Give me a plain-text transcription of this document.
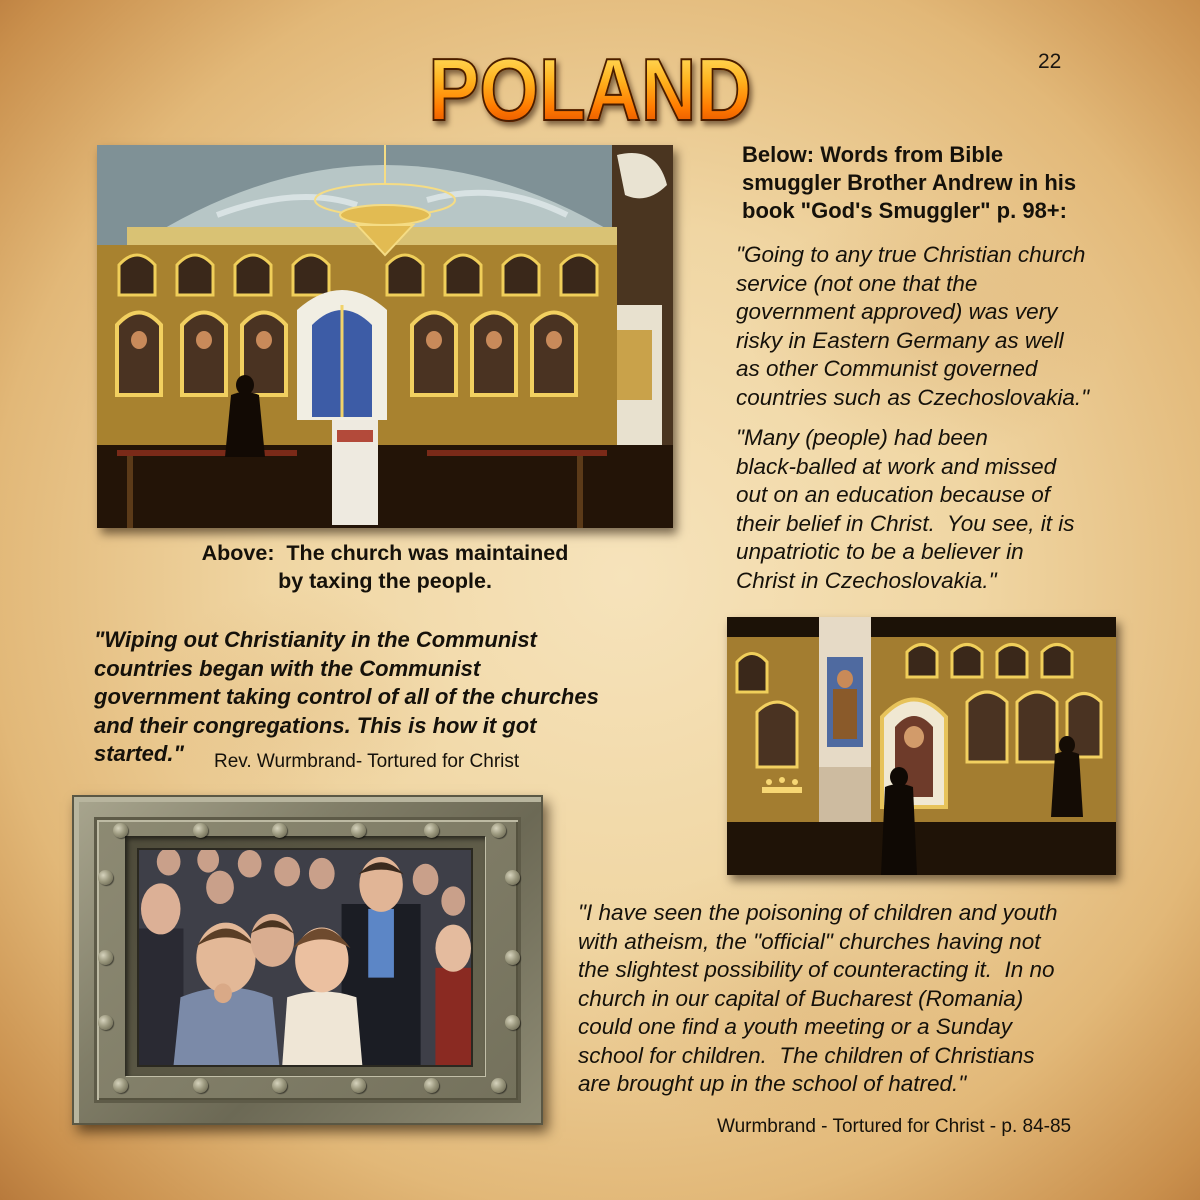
POLAND	22
Above:  The church was maintained
by taxing the people.
Below: Words from Bible
smuggler Brother Andrew in his
book "God's Smuggler" p. 98+:
"Going to any true Christian church
service (not one that the
government approved) was very
risky in Eastern Germany as well
as other Communist governed
countries such as Czechoslovakia."
"Many (people) had been
black-balled at work and missed
out on an education because of
their belief in Christ.  You see, it is
unpatriotic to be a believer in
Christ in Czechoslovakia."
"Wiping out Christianity in the Communist
countries began with the Communist
government taking control of all of the churches
and their congregations. This is how it got
started."	Rev. Wurmbrand- Tortured for Christ
"I have seen the poisoning of children and youth
with atheism, the "official" churches having not
the slightest possibility of counteracting it.  In no
church in our capital of Bucharest (Romania)
could one find a youth meeting or a Sunday
school for children.  The children of Christians
are brought up in the school of hatred."
Wurmbrand - Tortured for Christ - p. 84-85
